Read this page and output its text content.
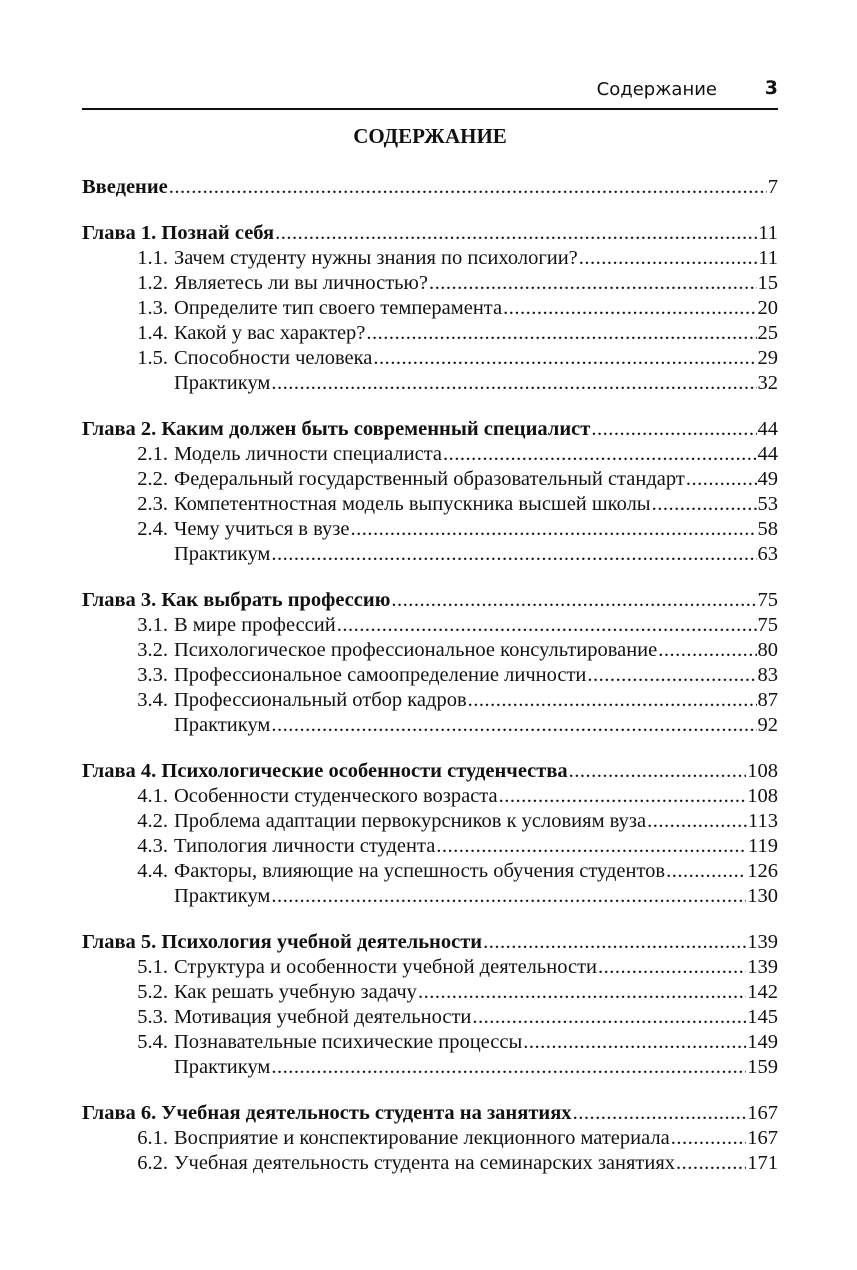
Содержание	3
СОДЕРЖАНИЕ
Введение .....	7
Глава 1. Познай себя .....	11
1.1. Зачем студенту нужны знания по психологии? .....	11
1.2. Являетесь ли вы личностью? .....	15
1.3. Определите тип своего темперамента .....	20
1.4. Какой у вас характер? .....	25
1.5. Способности человека .....	29
Практикум .....	32
Глава 2. Каким должен быть современный специалист .....	44
2.1. Модель личности специалиста .....	44
2.2. Федеральный государственный образовательный стандарт .....	49
2.3. Компетентностная модель выпускника высшей школы .....	53
2.4. Чему учиться в вузе .....	58
Практикум .....	63
Глава 3. Как выбрать профессию .....	75
3.1. В мире профессий .....	75
3.2. Психологическое профессиональное консультирование .....	80
3.3. Профессиональное самоопределение личности .....	83
3.4. Профессиональный отбор кадров .....	87
Практикум .....	92
Глава 4. Психологические особенности студенчества .....	108
4.1. Особенности студенческого возраста .....	108
4.2. Проблема адаптации первокурсников к условиям вуза .....	113
4.3. Типология личности студента .....	119
4.4. Факторы, влияющие на успешность обучения студентов .....	126
Практикум .....	130
Глава 5. Психология учебной деятельности .....	139
5.1. Структура и особенности учебной деятельности .....	139
5.2. Как решать учебную задачу .....	142
5.3. Мотивация учебной деятельности .....	145
5.4. Познавательные психические процессы .....	149
Практикум .....	159
Глава 6. Учебная деятельность студента на занятиях .....	167
6.1. Восприятие и конспектирование лекционного материала .....	167
6.2. Учебная деятельность студента на семинарских занятиях .....	171
